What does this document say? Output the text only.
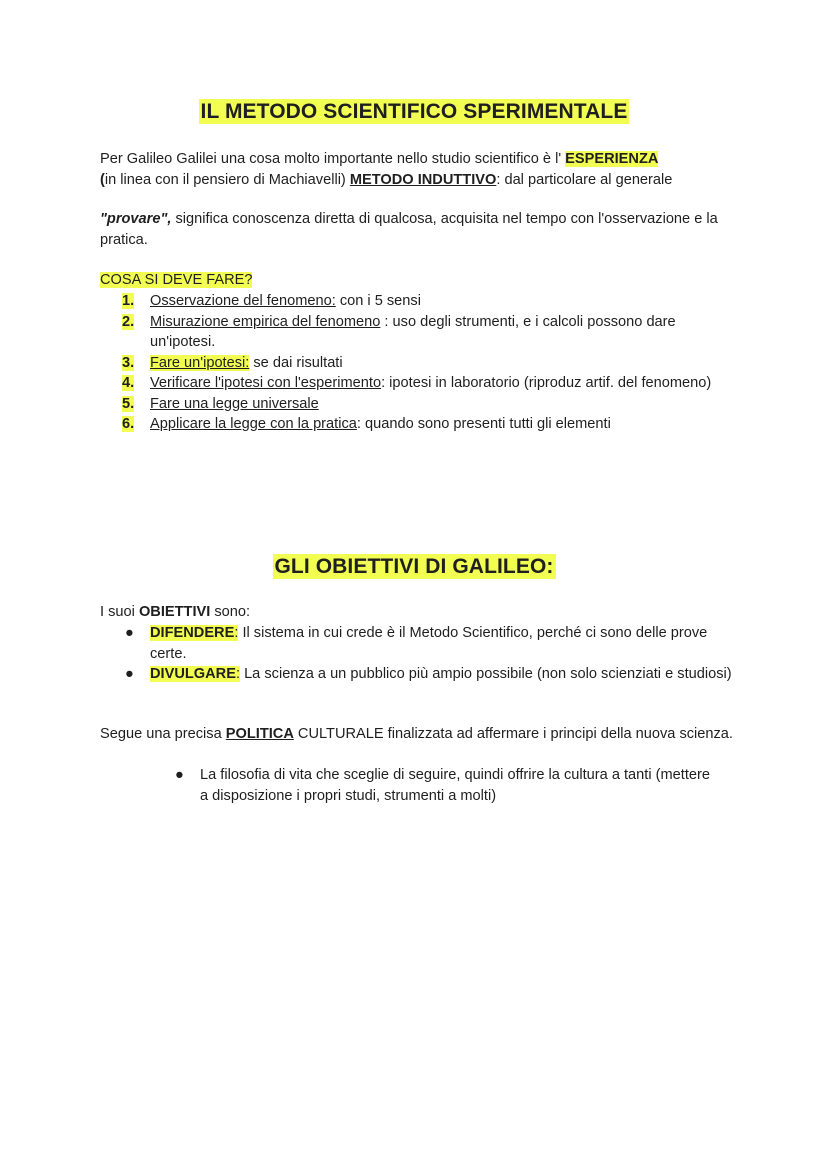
IL METODO SCIENTIFICO SPERIMENTALE
Per Galileo Galilei una cosa molto importante nello studio scientifico è l' ESPERIENZA
(in linea con il pensiero di Machiavelli) METODO INDUTTIVO: dal particolare al generale
"provare", significa conoscenza diretta di qualcosa, acquisita nel tempo con l'osservazione e la pratica.
COSA SI DEVE FARE?
1.	Osservazione del fenomeno: con i 5 sensi
2.	Misurazione empirica del fenomeno : uso degli strumenti, e i calcoli possono dare un'ipotesi.
3.	Fare un'ipotesi: se dai risultati
4.	Verificare l'ipotesi con l'esperimento: ipotesi in laboratorio (riproduz artif. del fenomeno)
5.	Fare una legge universale
6.	Applicare la legge con la pratica: quando sono presenti tutti gli elementi
GLI OBIETTIVI DI GALILEO:
I suoi OBIETTIVI sono:
● DIFENDERE: Il sistema in cui crede è il Metodo Scientifico, perché ci sono delle prove certe.
● DIVULGARE: La scienza a un pubblico più ampio possibile (non solo scienziati e studiosi)
Segue una precisa POLITICA CULTURALE finalizzata ad affermare i principi della nuova scienza.
● La filosofia di vita che sceglie di seguire, quindi offrire la cultura a tanti (mettere a disposizione i propri studi, strumenti a molti)
